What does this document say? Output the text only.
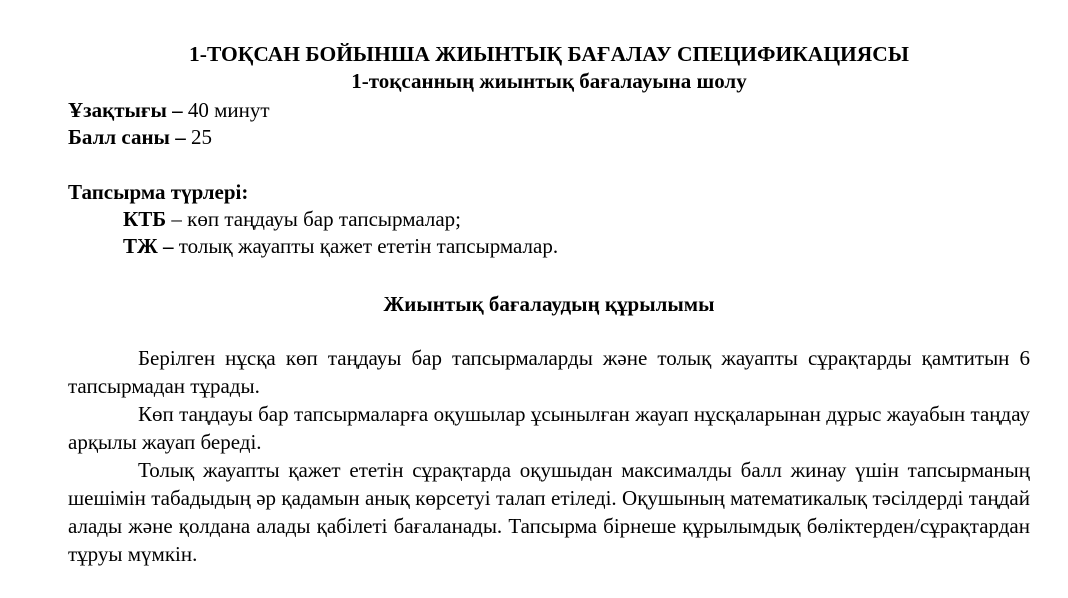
1-ТОҚСАН БОЙЫНША ЖИЫНТЫҚ БАҒАЛАУ СПЕЦИФИКАЦИЯСЫ
1-тоқсанның жиынтық бағалауына шолу
Ұзақтығы – 40 минут
Балл саны – 25
Тапсырма түрлері:
КТБ – көп таңдауы бар тапсырмалар;
ТЖ – толық жауапты қажет ететін тапсырмалар.
Жиынтық бағалаудың құрылымы
Берілген нұсқа көп таңдауы бар тапсырмаларды және толық жауапты сұрақтарды қамтитын 6 тапсырмадан тұрады.
Көп таңдауы бар тапсырмаларға оқушылар ұсынылған жауап нұсқаларынан дұрыс жауабын таңдау арқылы жауап береді.
Толық жауапты қажет ететін сұрақтарда оқушыдан максималды балл жинау үшін тапсырманың шешімін табадыдың әр қадамын анық көрсетуі талап етіледі. Оқушының математикалық тәсілдерді таңдай алады және қолдана алады қабілеті бағаланады. Тапсырма бірнеше құрылымдық бөліктерден/сұрақтардан тұруы мүмкін.
